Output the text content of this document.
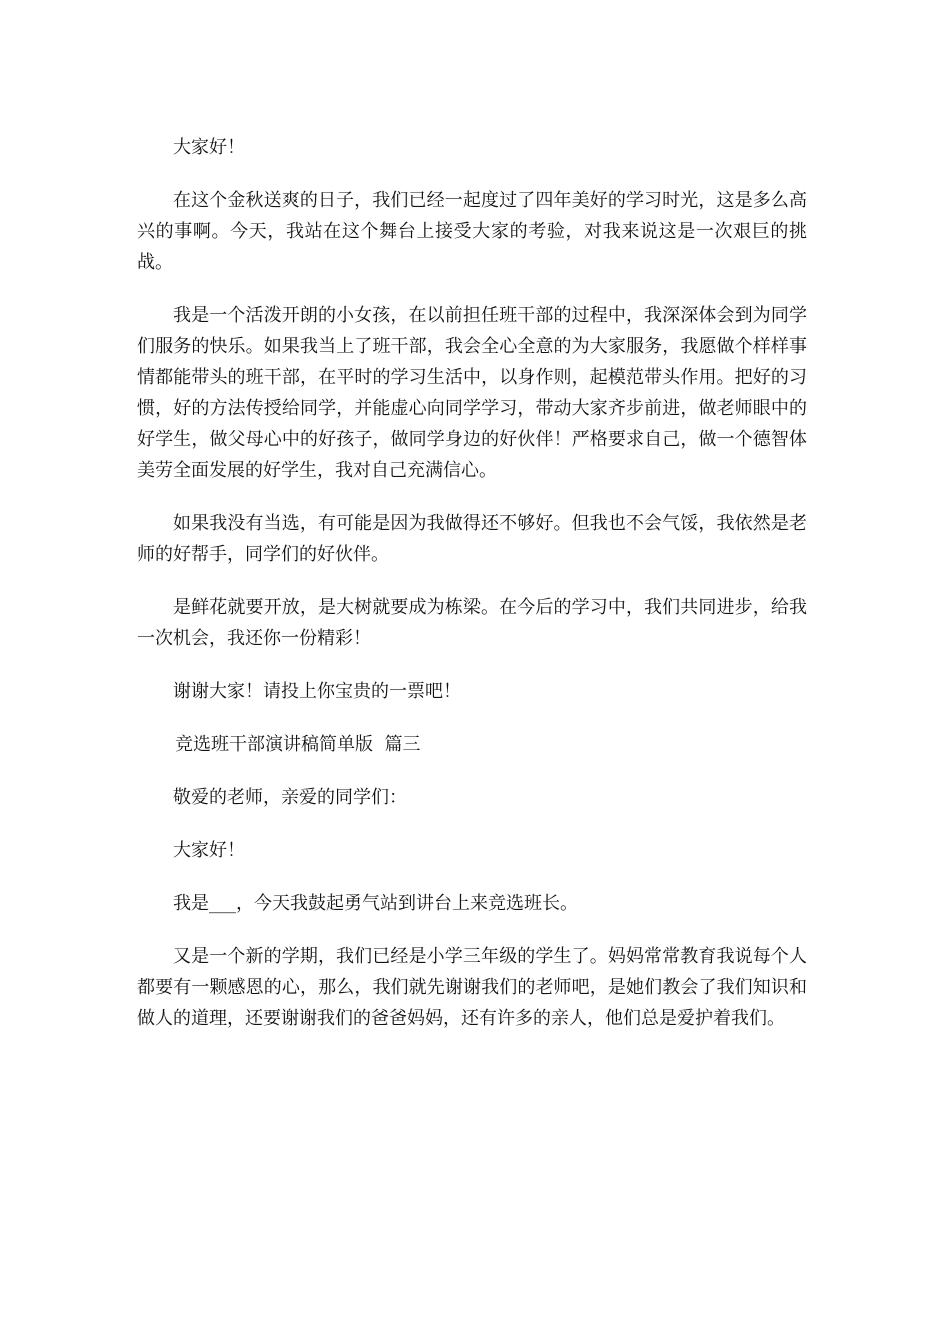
大家好！

在这个金秋送爽的日子，我们已经一起度过了四年美好的学习时光，这是多么高兴的事啊。今天，我站在这个舞台上接受大家的考验，对我来说这是一次艰巨的挑战。

我是一个活泼开朗的小女孩，在以前担任班干部的过程中，我深深体会到为同学们服务的快乐。如果我当上了班干部，我会全心全意的为大家服务，我愿做个样样事情都能带头的班干部，在平时的学习生活中，以身作则，起模范带头作用。把好的习惯，好的方法传授给同学，并能虚心向同学学习，带动大家齐步前进，做老师眼中的好学生，做父母心中的好孩子，做同学身边的好伙伴！严格要求自己，做一个德智体美劳全面发展的好学生，我对自己充满信心。

如果我没有当选，有可能是因为我做得还不够好。但我也不会气馁，我依然是老师的好帮手，同学们的好伙伴。

是鲜花就要开放，是大树就要成为栋梁。在今后的学习中，我们共同进步，给我一次机会，我还你一份精彩！

谢谢大家！请投上你宝贵的一票吧！

竞选班干部演讲稿简单版  篇三

敬爱的老师，亲爱的同学们：

大家好！

我是___，今天我鼓起勇气站到讲台上来竞选班长。

又是一个新的学期，我们已经是小学三年级的学生了。妈妈常常教育我说每个人都要有一颗感恩的心，那么，我们就先谢谢我们的老师吧，是她们教会了我们知识和做人的道理，还要谢谢我们的爸爸妈妈，还有许多的亲人，他们总是爱护着我们。
